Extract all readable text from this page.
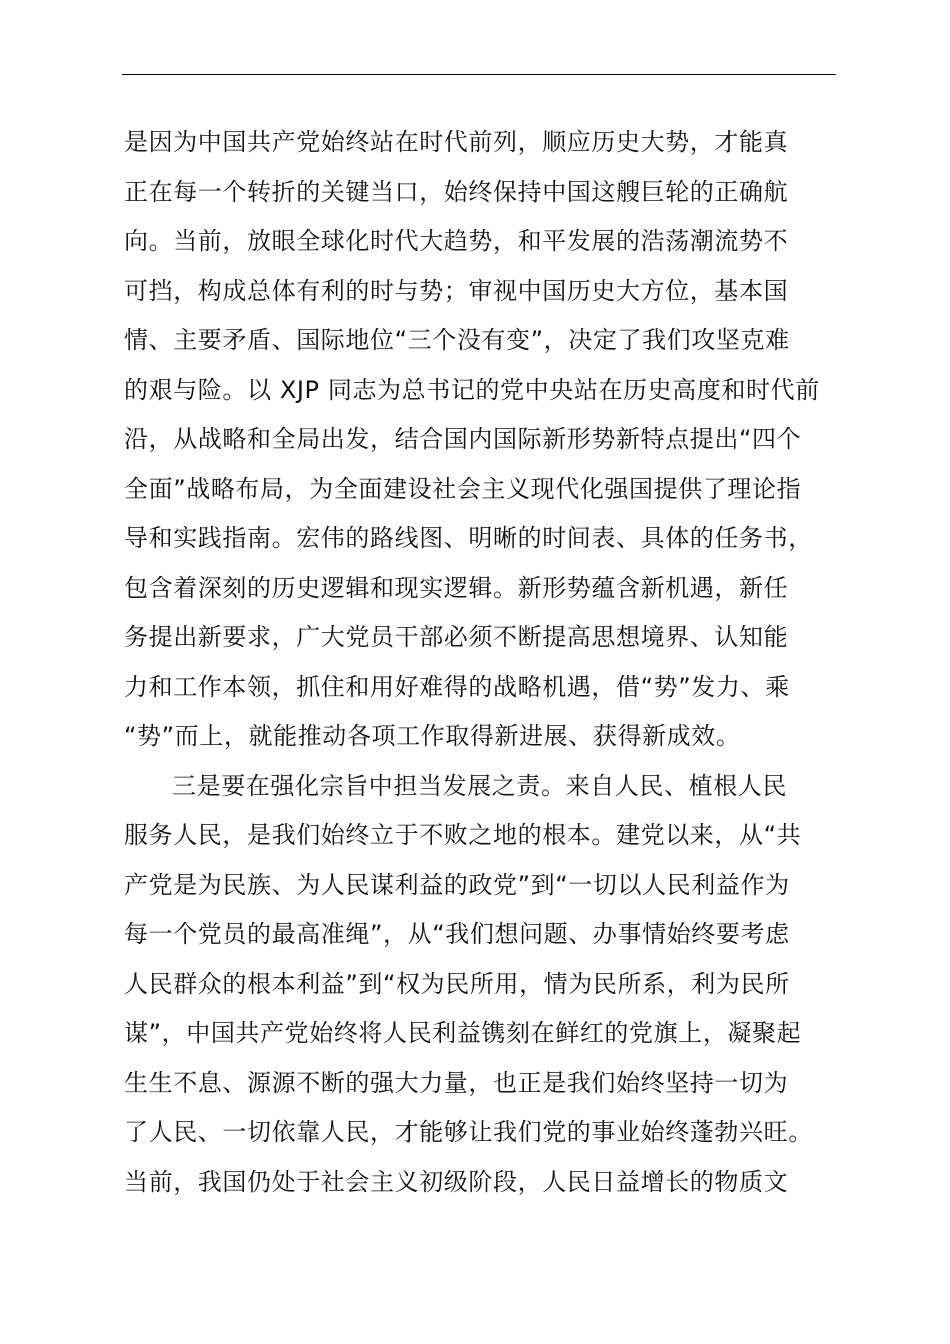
是因为中国共产党始终站在时代前列，顺应历史大势，才能真
正在每一个转折的关键当口，始终保持中国这艘巨轮的正确航
向。当前，放眼全球化时代大趋势，和平发展的浩荡潮流势不
可挡，构成总体有利的时与势；审视中国历史大方位，基本国
情、主要矛盾、国际地位“三个没有变”，决定了我们攻坚克难
的艰与险。以 XJP 同志为总书记的党中央站在历史高度和时代前
沿，从战略和全局出发，结合国内国际新形势新特点提出“四个
全面”战略布局，为全面建设社会主义现代化强国提供了理论指
导和实践指南。宏伟的路线图、明晰的时间表、具体的任务书，
包含着深刻的历史逻辑和现实逻辑。新形势蕴含新机遇，新任
务提出新要求，广大党员干部必须不断提高思想境界、认知能
力和工作本领，抓住和用好难得的战略机遇，借“势”发力、乘
“势”而上，就能推动各项工作取得新进展、获得新成效。
三是要在强化宗旨中担当发展之责。来自人民、植根人民
服务人民，是我们始终立于不败之地的根本。建党以来，从“共
产党是为民族、为人民谋利益的政党”到“一切以人民利益作为
每一个党员的最高准绳”，从“我们想问题、办事情始终要考虑
人民群众的根本利益”到“权为民所用，情为民所系，利为民所
谋”，中国共产党始终将人民利益镌刻在鲜红的党旗上，凝聚起
生生不息、源源不断的强大力量，也正是我们始终坚持一切为
了人民、一切依靠人民，才能够让我们党的事业始终蓬勃兴旺。
当前，我国仍处于社会主义初级阶段，人民日益增长的物质文
